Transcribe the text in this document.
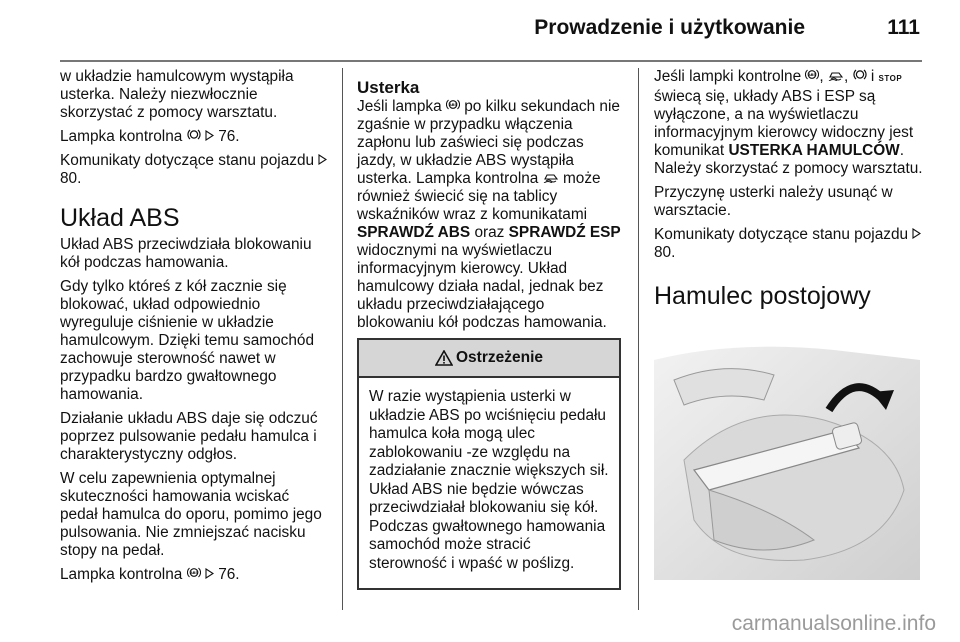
Prowadzenie i użytkowanie	111

w układzie hamulcowym wystąpiła usterka. Należy niezwłocznie skorzystać z pomocy warsztatu.

Lampka kontrolna 76.

Komunikaty dotyczące stanu pojazdu  80.

Układ ABS

Układ ABS przeciwdziała blokowaniu kół podczas hamowania.

Gdy tylko któreś z kół zacznie się blokować, układ odpowiednio wyreguluje ciśnienie w układzie hamulcowym. Dzięki temu samochód zachowuje sterowność nawet w przypadku bardzo gwałtownego hamowania.

Działanie układu ABS daje się odczuć poprzez pulsowanie pedału hamulca i charakterystyczny odgłos.

W celu zapewnienia optymalnej skuteczności hamowania wciskać pedał hamulca do oporu, pomimo jego pulsowania. Nie zmniejszać nacisku stopy na pedał.

Lampka kontrolna ABS 76.

Usterka

Jeśli lampka ABS po kilku sekundach nie zgaśnie w przypadku włączenia zapłonu lub zaświeci się podczas jazdy, w układzie ABS wystąpiła usterka. Lampka kontrolna może również świecić się na tablicy wskaźników wraz z komunikatami SPRAWDŹ ABS oraz SPRAWDŹ ESP widocznymi na wyświetlaczu informacyjnym kierowcy. Układ hamulcowy działa nadal, jednak bez układu przeciwdziałającego blokowaniu kół podczas hamowania.

Ostrzeżenie
W razie wystąpienia usterki w układzie ABS po wciśnięciu pedału hamulca koła mogą ulec zablokowaniu -ze względu na zadziałanie znacznie większych sił. Układ ABS nie będzie wówczas przeciwdziałał blokowaniu się kół. Podczas gwałtownego hamowania samochód może stracić sterowność i wpaść w poślizg.

Jeśli lampki kontrolne ABS , ,  i STOP świecą się, układy ABS i ESP są wyłączone, a na wyświetlaczu informacyjnym kierowcy widoczny jest komunikat USTERKA HAMULCÓW. Należy skorzystać z pomocy warsztatu.

Przyczynę usterki należy usunąć w warsztacie.

Komunikaty dotyczące stanu pojazdu  80.

Hamulec postojowy
carmanualsonline.info
